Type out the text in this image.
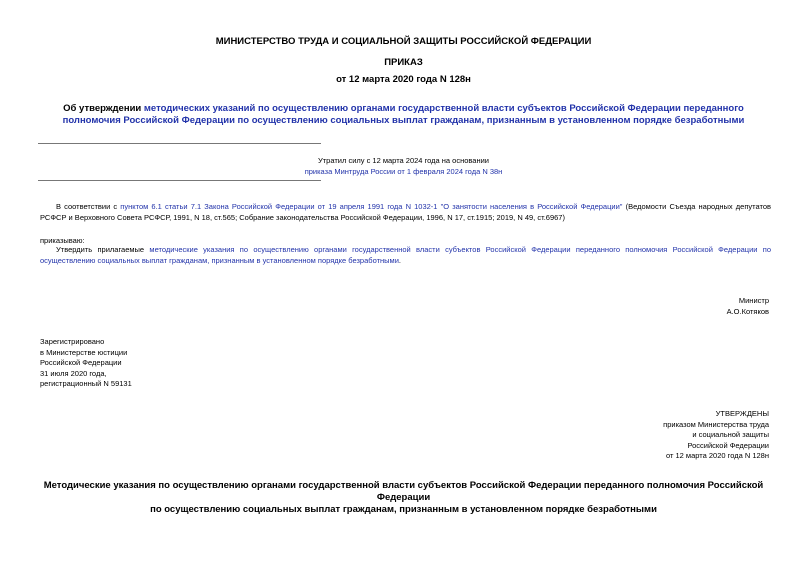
МИНИСТЕРСТВО ТРУДА И СОЦИАЛЬНОЙ ЗАЩИТЫ РОССИЙСКОЙ ФЕДЕРАЦИИ
ПРИКАЗ
от 12 марта 2020 года N 128н
Об утверждении методических указаний по осуществлению органами государственной власти субъектов Российской Федерации переданного полномочия Российской Федерации по осуществлению социальных выплат гражданам, признанным в установленном порядке безработными
Утратил силу с 12 марта 2024 года на основании
приказа Минтруда России от 1 февраля 2024 года N 38н
В соответствии с пунктом 6.1 статьи 7.1 Закона Российской Федерации от 19 апреля 1991 года N 1032-1 "О занятости населения в Российской Федерации" (Ведомости Съезда народных депутатов РСФСР и Верховного Совета РСФСР, 1991, N 18, ст.565; Собрание законодательства Российской Федерации, 1996, N 17, ст.1915; 2019, N 49, ст.6967)
приказываю:
Утвердить прилагаемые методические указания по осуществлению органами государственной власти субъектов Российской Федерации переданного полномочия Российской Федерации по осуществлению социальных выплат гражданам, признанным в установленном порядке безработными.
Министр
А.О.Котяков
Зарегистрировано
в Министерстве юстиции
Российской Федерации
31 июля 2020 года,
регистрационный N 59131
УТВЕРЖДЕНЫ
приказом Министерства труда
и социальной защиты
Российской Федерации
от 12 марта 2020 года N 128н
Методические указания по осуществлению органами государственной власти субъектов Российской Федерации переданного полномочия Российской Федерации
по осуществлению социальных выплат гражданам, признанным в установленном порядке безработными
